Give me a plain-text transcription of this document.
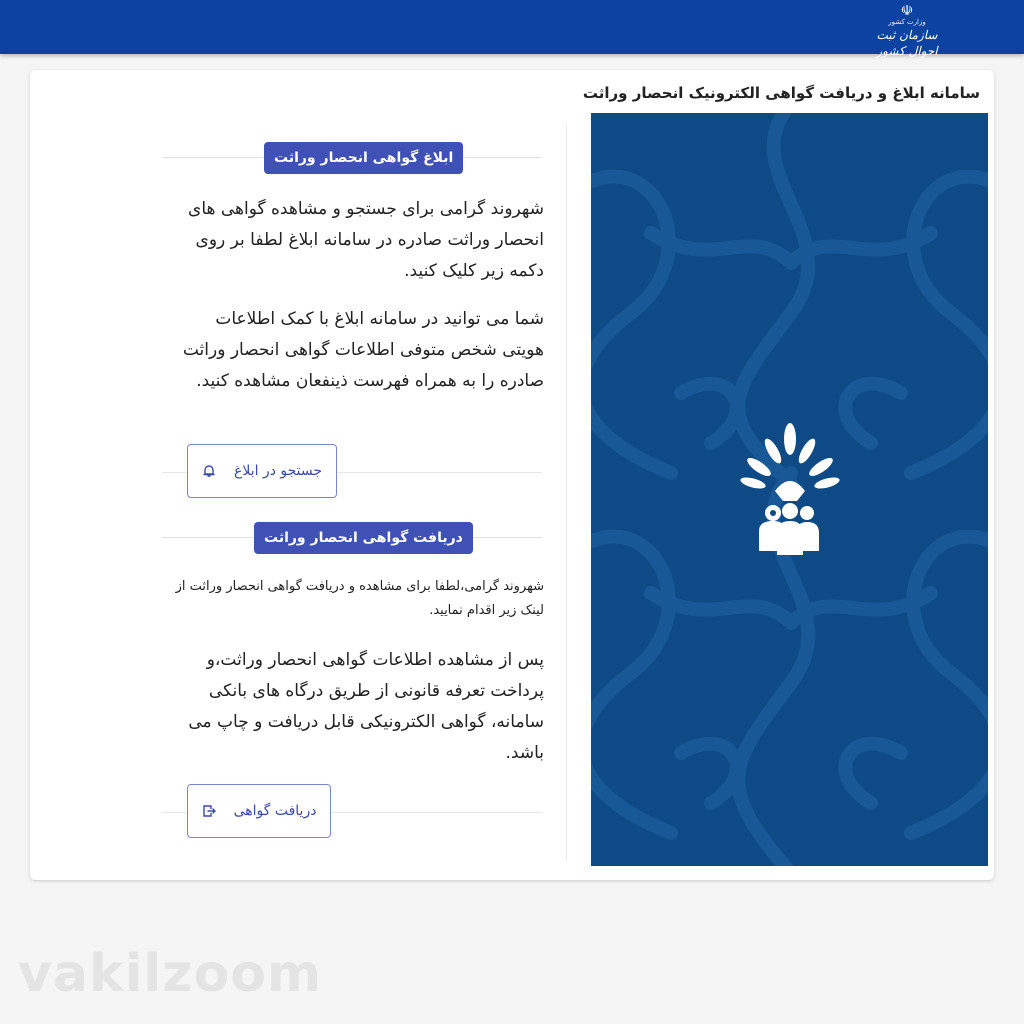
☫
وزارت کشور
سازمان ثبت احوال کشور
سامانه ابلاغ و دریافت گواهی الکترونیک انحصار وراثت
ابلاغ گواهی انحصار وراثت
شهروند گرامی برای جستجو و مشاهده گواهی های انحصار وراثت صادره در سامانه ابلاغ لطفا بر روی دکمه زیر کلیک کنید.
شما می توانید در سامانه ابلاغ با کمک اطلاعات هویتی شخص متوفی اطلاعات گواهی انحصار وراثت صادره را به همراه فهرست ذینفعان مشاهده کنید.
جستجو در ابلاغ
دریافت گواهی انحصار وراثت
شهروند گرامی،لطفا برای مشاهده و دریافت گواهی انحصار وراثت از لینک زیر اقدام نمایید.
پس از مشاهده اطلاعات گواهی انحصار وراثت،و پرداخت تعرفه قانونی از طریق درگاه های بانکی سامانه، گواهی الکترونیکی قابل دریافت و چاپ می باشد.
دریافت گواهی
vakilzoom
